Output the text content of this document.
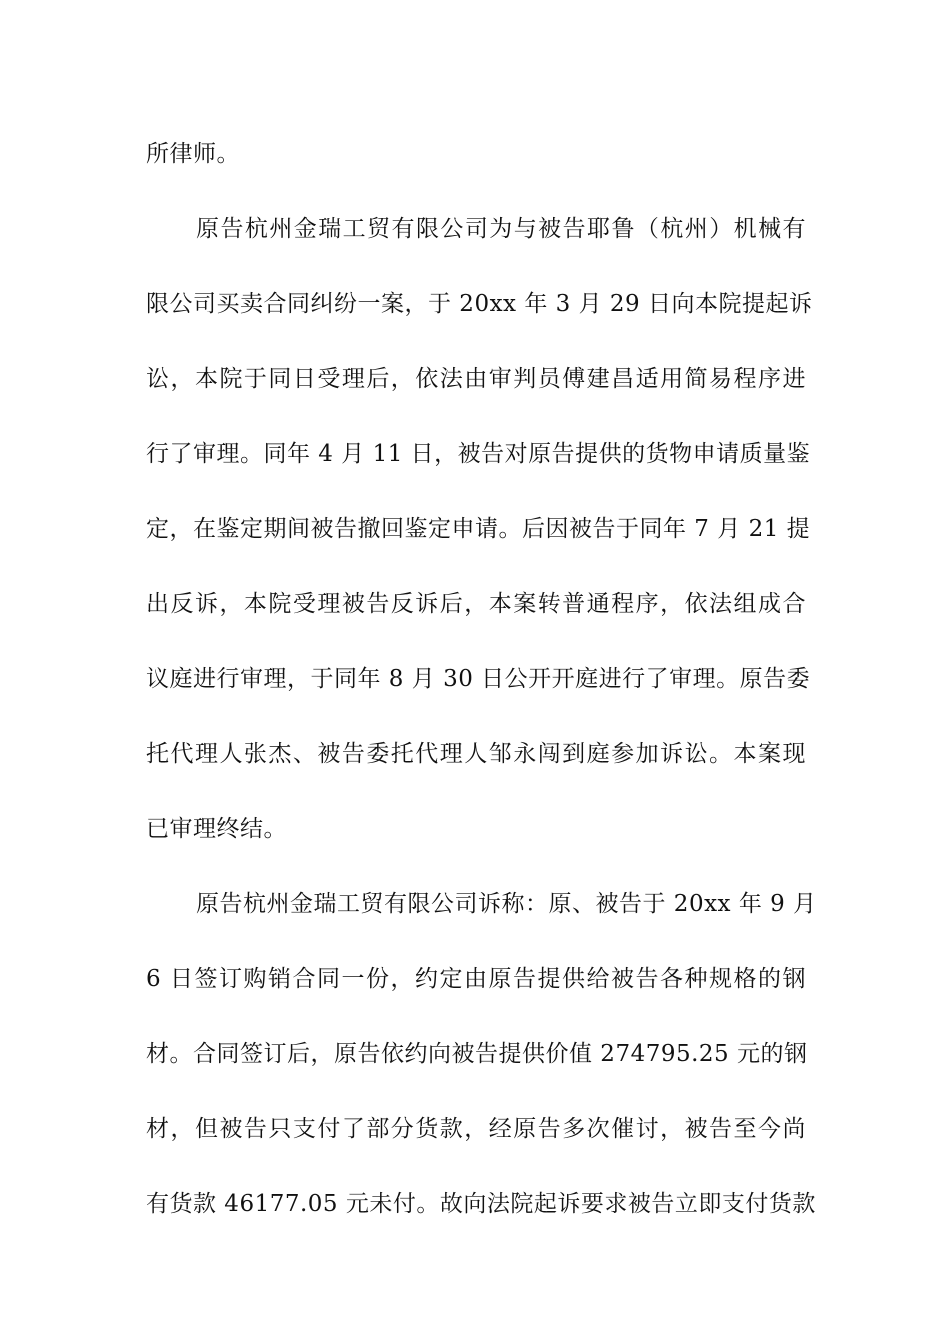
所律师。
原告杭州金瑞工贸有限公司为与被告耶鲁（杭州）机械有
限公司买卖合同纠纷一案，于 20xx 年 3 月 29 日向本院提起诉
讼，本院于同日受理后，依法由审判员傅建昌适用简易程序进
行了审理。同年 4 月 11 日，被告对原告提供的货物申请质量鉴
定，在鉴定期间被告撤回鉴定申请。后因被告于同年 7 月 21 提
出反诉，本院受理被告反诉后，本案转普通程序，依法组成合
议庭进行审理，于同年 8 月 30 日公开开庭进行了审理。原告委
托代理人张杰、被告委托代理人邹永闯到庭参加诉讼。本案现
已审理终结。
原告杭州金瑞工贸有限公司诉称：原、被告于 20xx 年 9 月
6 日签订购销合同一份，约定由原告提供给被告各种规格的钢
材。合同签订后，原告依约向被告提供价值 274795.25 元的钢
材，但被告只支付了部分货款，经原告多次催讨，被告至今尚
有货款 46177.05 元未付。故向法院起诉要求被告立即支付货款
